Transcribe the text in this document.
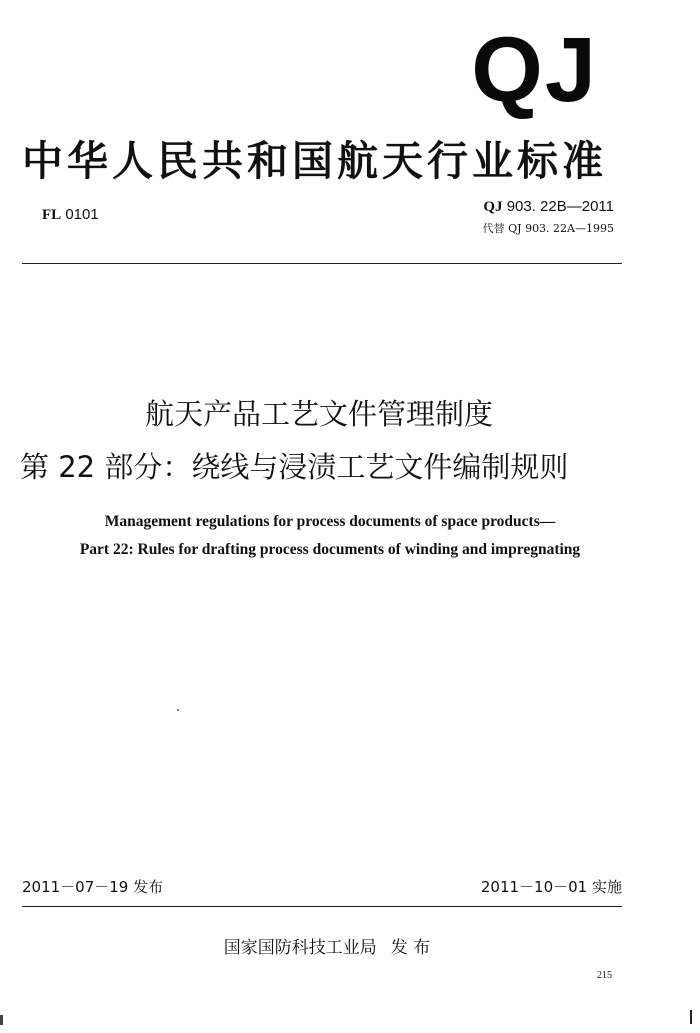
QJ
中华人民共和国航天行业标准
FL 0101	QJ 903. 22B—2011
代替 QJ 903. 22A—1995
航天产品工艺文件管理制度
第 22 部分：绕线与浸渍工艺文件编制规则
Management regulations for process documents of space products—
Part 22: Rules for drafting process documents of winding and impregnating
2011－07－19 发布	2011－10－01 实施
国家国防科技工业局 发 布
215
